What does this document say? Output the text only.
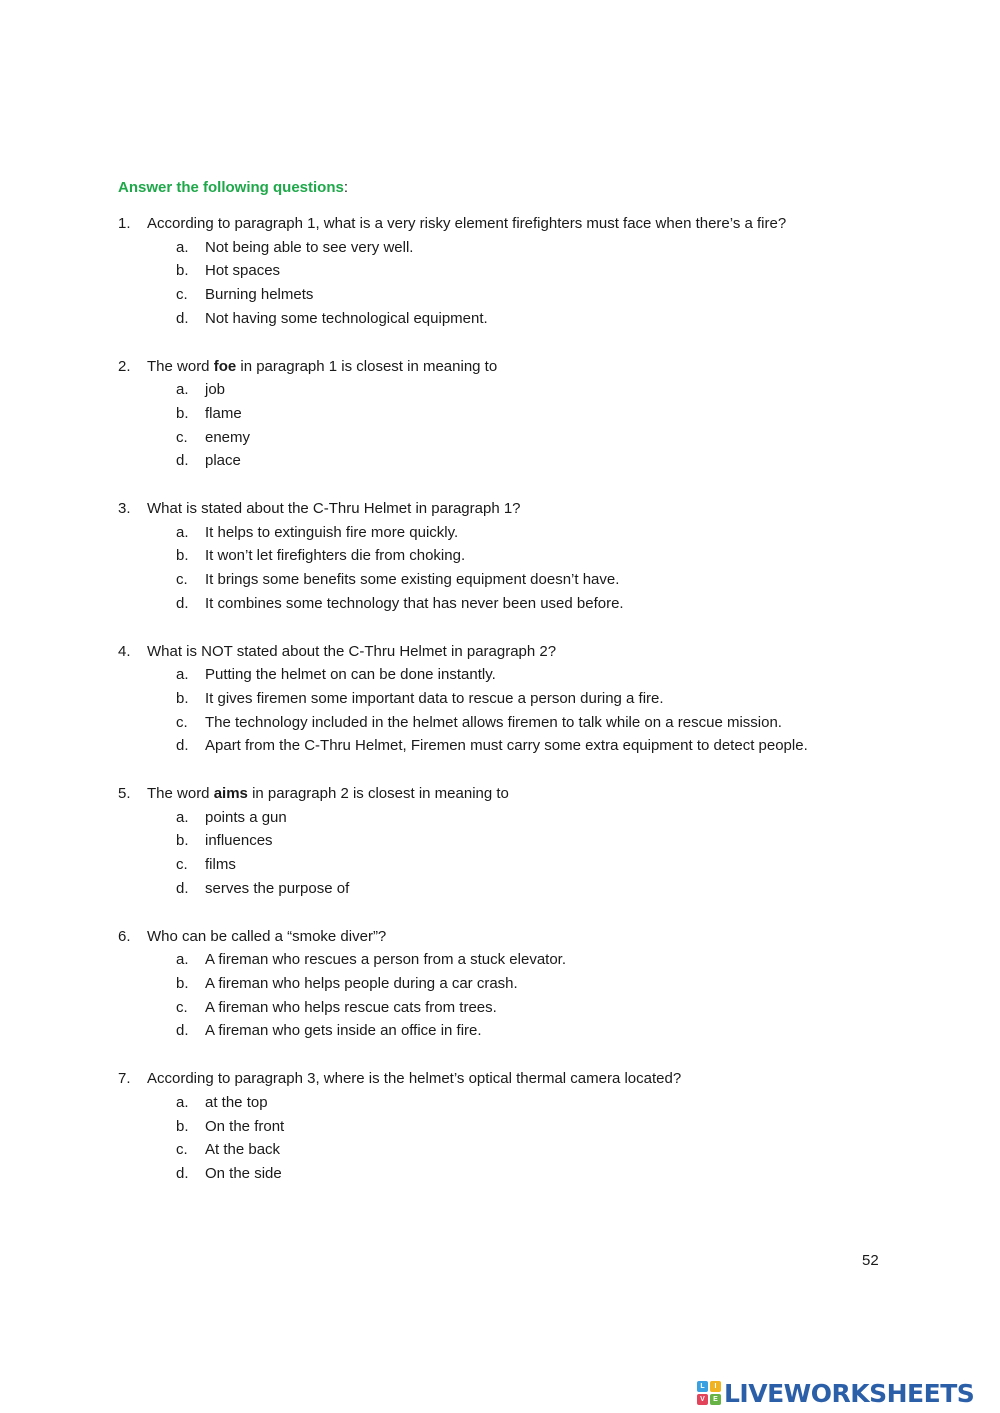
Answer the following questions:
1.	According to paragraph 1, what is a very risky element firefighters must face when there’s a fire?
a. Not being able to see very well.
b. Hot spaces
c. Burning helmets
d. Not having some technological equipment.
2.	The word foe in paragraph 1 is closest in meaning to
a. job
b. flame
c. enemy
d. place
3.	What is stated about the C-Thru Helmet in paragraph 1?
a. It helps to extinguish fire more quickly.
b. It won’t let firefighters die from choking.
c. It brings some benefits some existing equipment doesn’t have.
d. It combines some technology that has never been used before.
4.	What is NOT stated about the C-Thru Helmet in paragraph 2?
a. Putting the helmet on can be done instantly.
b. It gives firemen some important data to rescue a person during a fire.
c. The technology included in the helmet allows firemen to talk while on a rescue mission.
d. Apart from the C-Thru Helmet, Firemen must carry some extra equipment to detect people.
5.	The word aims in paragraph 2 is closest in meaning to
a. points a gun
b. influences
c. films
d. serves the purpose of
6.	Who can be called a “smoke diver”?
a. A fireman who rescues a person from a stuck elevator.
b. A fireman who helps people during a car crash.
c. A fireman who helps rescue cats from trees.
d. A fireman who gets inside an office in fire.
7.	According to paragraph 3, where is the helmet’s optical thermal camera located?
a. at the top
b. On the front
c. At the back
d. On the side
52
L	I
V	E LIVEWORKSHEETS
